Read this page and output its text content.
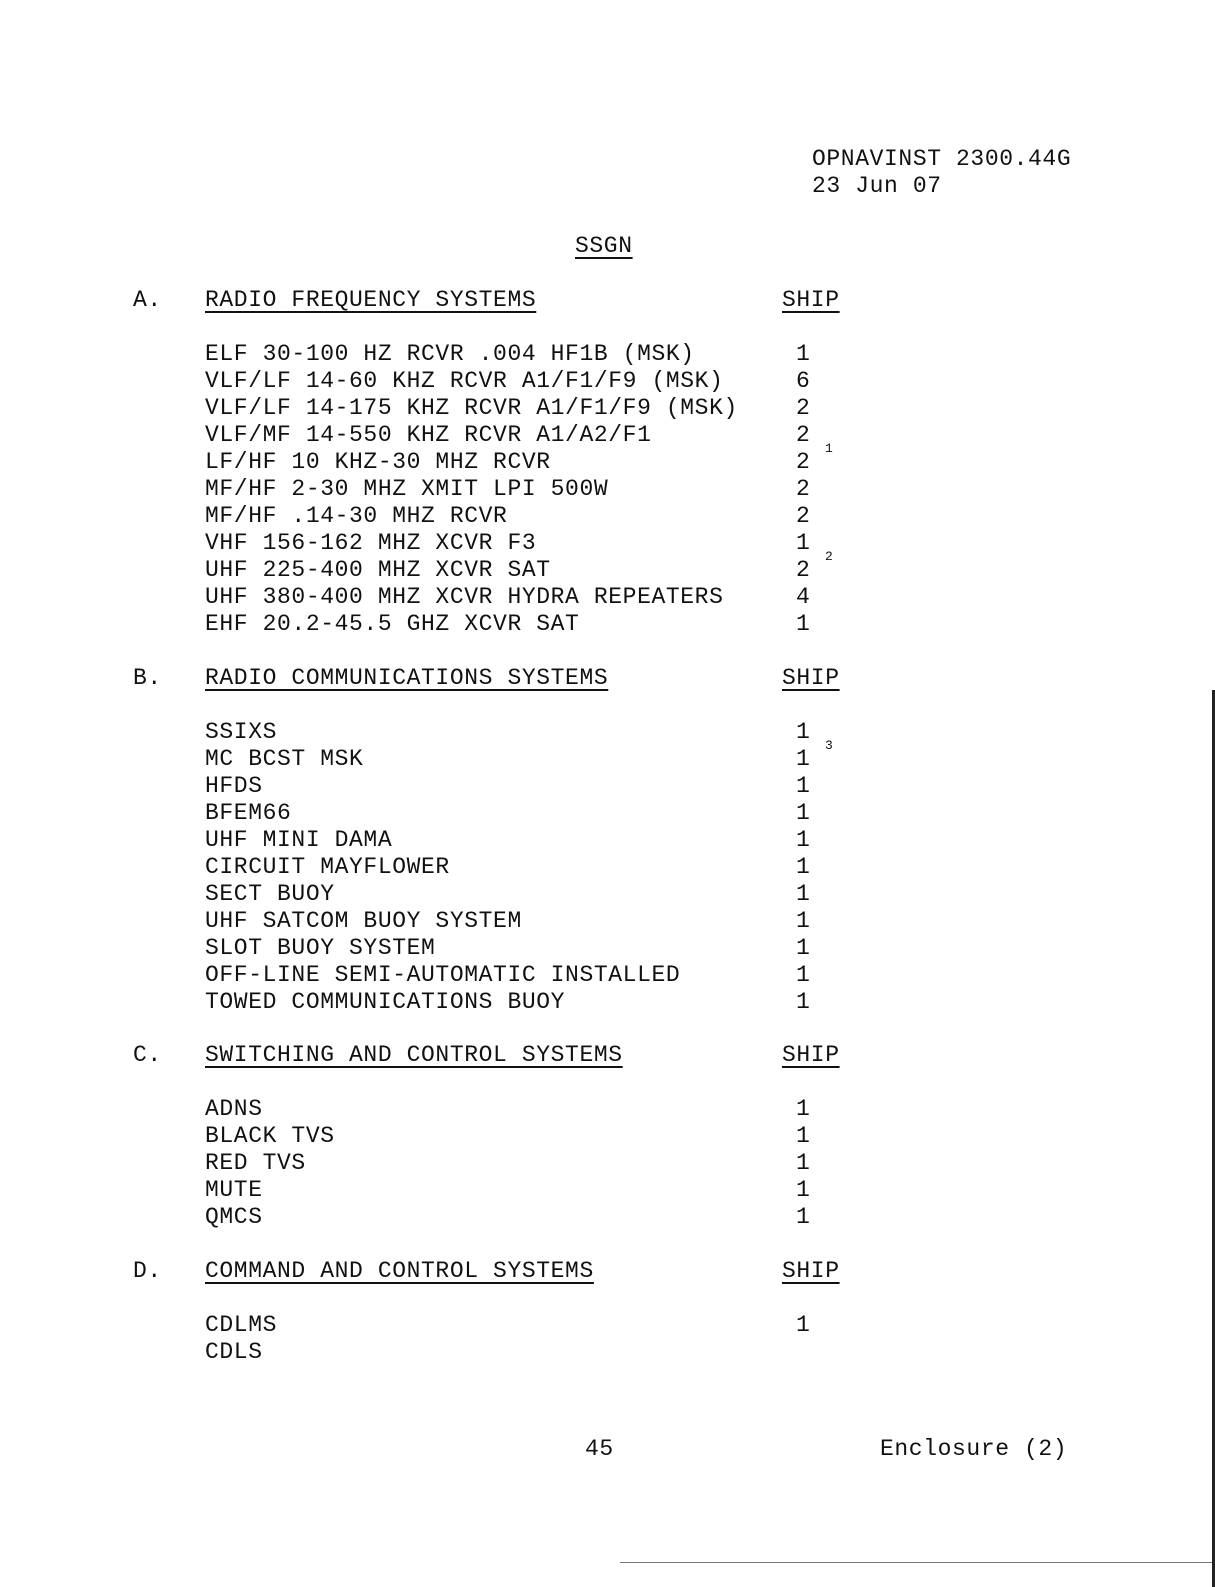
OPNAVINST 2300.44G
23 Jun 07
SSGN
A. RADIO FREQUENCY SYSTEMS	SHIP
ELF 30-100 HZ RCVR .004 HF1B (MSK)	1
VLF/LF 14-60 KHZ RCVR A1/F1/F9 (MSK)	6
VLF/LF 14-175 KHZ RCVR A1/F1/F9 (MSK)	2
VLF/MF 14-550 KHZ RCVR A1/A2/F1	2
LF/HF 10 KHZ-30 MHZ RCVR	2
1
MF/HF 2-30 MHZ XMIT LPI 500W	2
MF/HF .14-30 MHZ RCVR	2
VHF 156-162 MHZ XCVR F3	1
UHF 225-400 MHZ XCVR SAT	2
2
UHF 380-400 MHZ XCVR HYDRA REPEATERS	4
EHF 20.2-45.5 GHZ XCVR SAT	1
B. RADIO COMMUNICATIONS SYSTEMS	SHIP
SSIXS	1
MC BCST MSK	1
3
HFDS	1
BFEM66	1
UHF MINI DAMA	1
CIRCUIT MAYFLOWER	1
SECT BUOY	1
UHF SATCOM BUOY SYSTEM	1
SLOT BUOY SYSTEM	1
OFF-LINE SEMI-AUTOMATIC INSTALLED	1
TOWED COMMUNICATIONS BUOY	1
C. SWITCHING AND CONTROL SYSTEMS	SHIP
ADNS	1
BLACK TVS	1
RED TVS	1
MUTE	1
QMCS	1
D. COMMAND AND CONTROL SYSTEMS	SHIP
CDLMS	1
CDLS
45	Enclosure (2)
